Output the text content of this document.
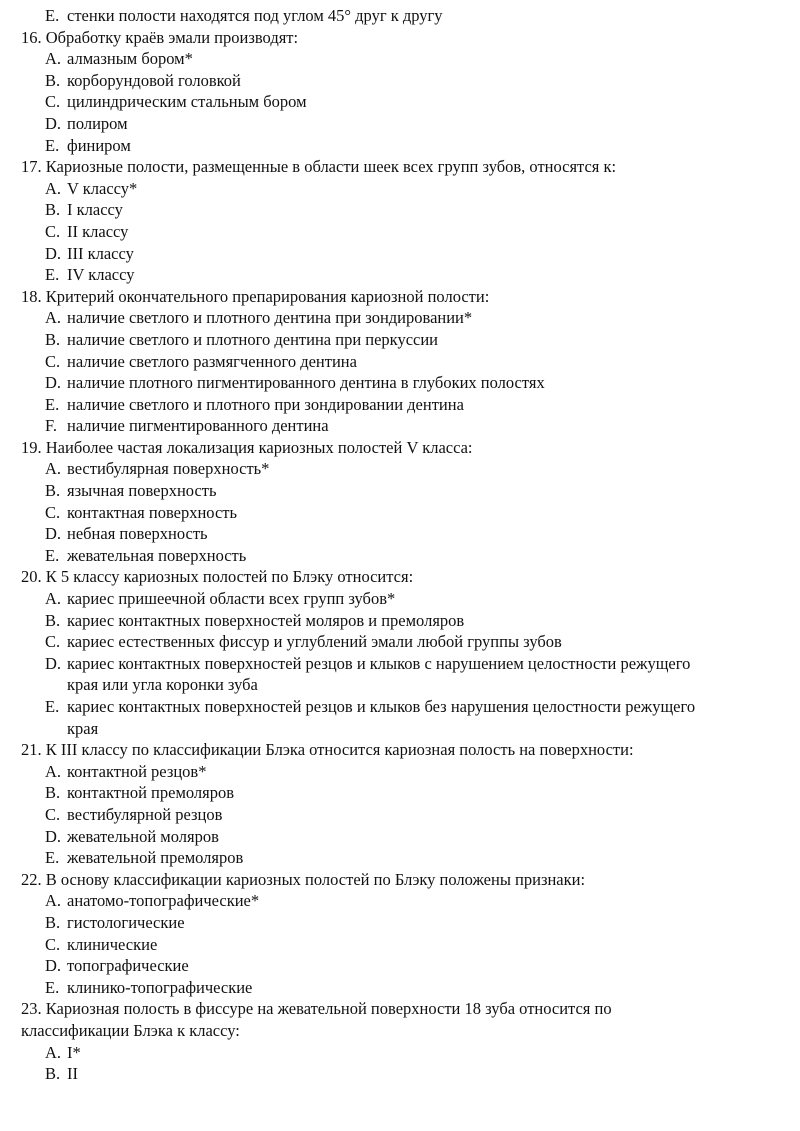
E. стенки полости находятся под углом 45° друг к другу
16. Обработку краёв эмали производят:
A. алмазным бором*
B. корборундовой головкой
C. цилиндрическим стальным бором
D. полиром
E. финиром
17. Кариозные полости, размещенные в области шеек всех групп зубов, относятся к:
A. V классу*
B. I классу
C. II классу
D. III классу
E. IV классу
18. Критерий окончательного препарирования кариозной полости:
A. наличие светлого и плотного дентина при зондировании*
B. наличие светлого и плотного дентина при перкуссии
C. наличие светлого размягченного дентина
D. наличие плотного пигментированного дентина в глубоких полостях
E. наличие светлого и плотного при зондировании дентина
F. наличие пигментированного дентина
19. Наиболее частая локализация кариозных полостей V класса:
A. вестибулярная поверхность*
B. язычная поверхность
C. контактная поверхность
D. небная поверхность
E. жевательная поверхность
20. К 5 классу кариозных полостей по Блэку относится:
A. кариес пришеечной области всех групп зубов*
B. кариес контактных поверхностей моляров и премоляров
C. кариес естественных фиссур и углублений эмали любой группы зубов
D. кариес контактных поверхностей резцов и клыков с нарушением целостности режущего
края или угла коронки зуба
E. кариес контактных поверхностей резцов и клыков без нарушения целостности режущего
края
21. К III классу по классификации Блэка относится кариозная полость на поверхности:
A. контактной резцов*
B. контактной премоляров
C. вестибулярной резцов
D. жевательной моляров
E. жевательной премоляров
22. В основу классификации кариозных полостей по Блэку положены признаки:
A. анатомо-топографические*
B. гистологические
C. клинические
D. топографические
E. клинико-топографические
23. Кариозная полость в фиссуре на жевательной поверхности 18 зуба относится по
классификации Блэка к классу:
A. I*
B. II
